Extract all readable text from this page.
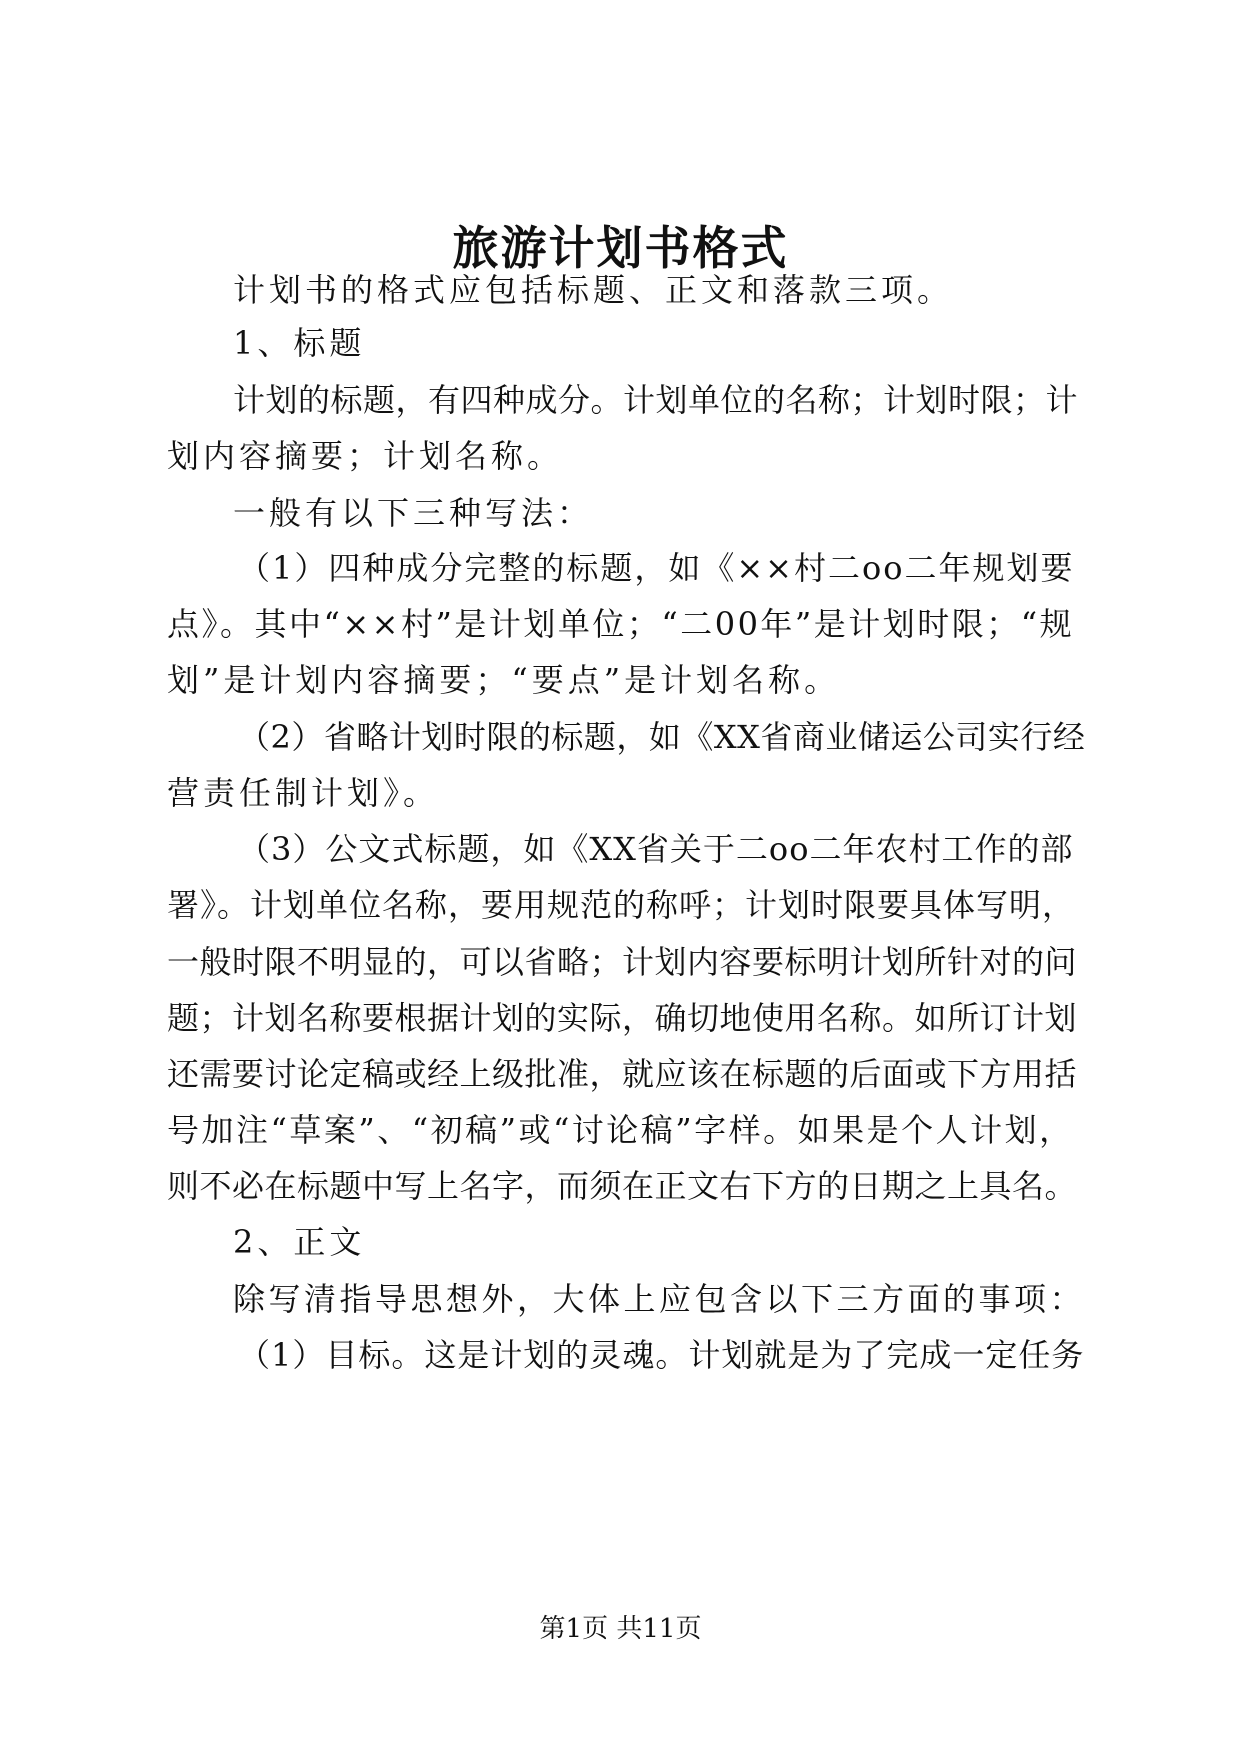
旅游计划书格式
计划书的格式应包括标题、正文和落款三项。
1、标题
计划的标题，有四种成分。计划单位的名称；计划时限；计
划内容摘要；计划名称。
一般有以下三种写法：
（1）四种成分完整的标题，如《××村二oo二年规划要
点》。其中“××村”是计划单位；“二00年”是计划时限；“规
划”是计划内容摘要；“要点”是计划名称。
（2）省略计划时限的标题，如《XX省商业储运公司实行经
营责任制计划》。
（3）公文式标题，如《XX省关于二oo二年农村工作的部
署》。计划单位名称，要用规范的称呼；计划时限要具体写明，
一般时限不明显的，可以省略；计划内容要标明计划所针对的问
题；计划名称要根据计划的实际，确切地使用名称。如所订计划
还需要讨论定稿或经上级批准，就应该在标题的后面或下方用括
号加注“草案”、“初稿”或“讨论稿”字样。如果是个人计划，
则不必在标题中写上名字，而须在正文右下方的日期之上具名。
2、正文
除写清指导思想外，大体上应包含以下三方面的事项：
（1）目标。这是计划的灵魂。计划就是为了完成一定任务
第1页 共11页
